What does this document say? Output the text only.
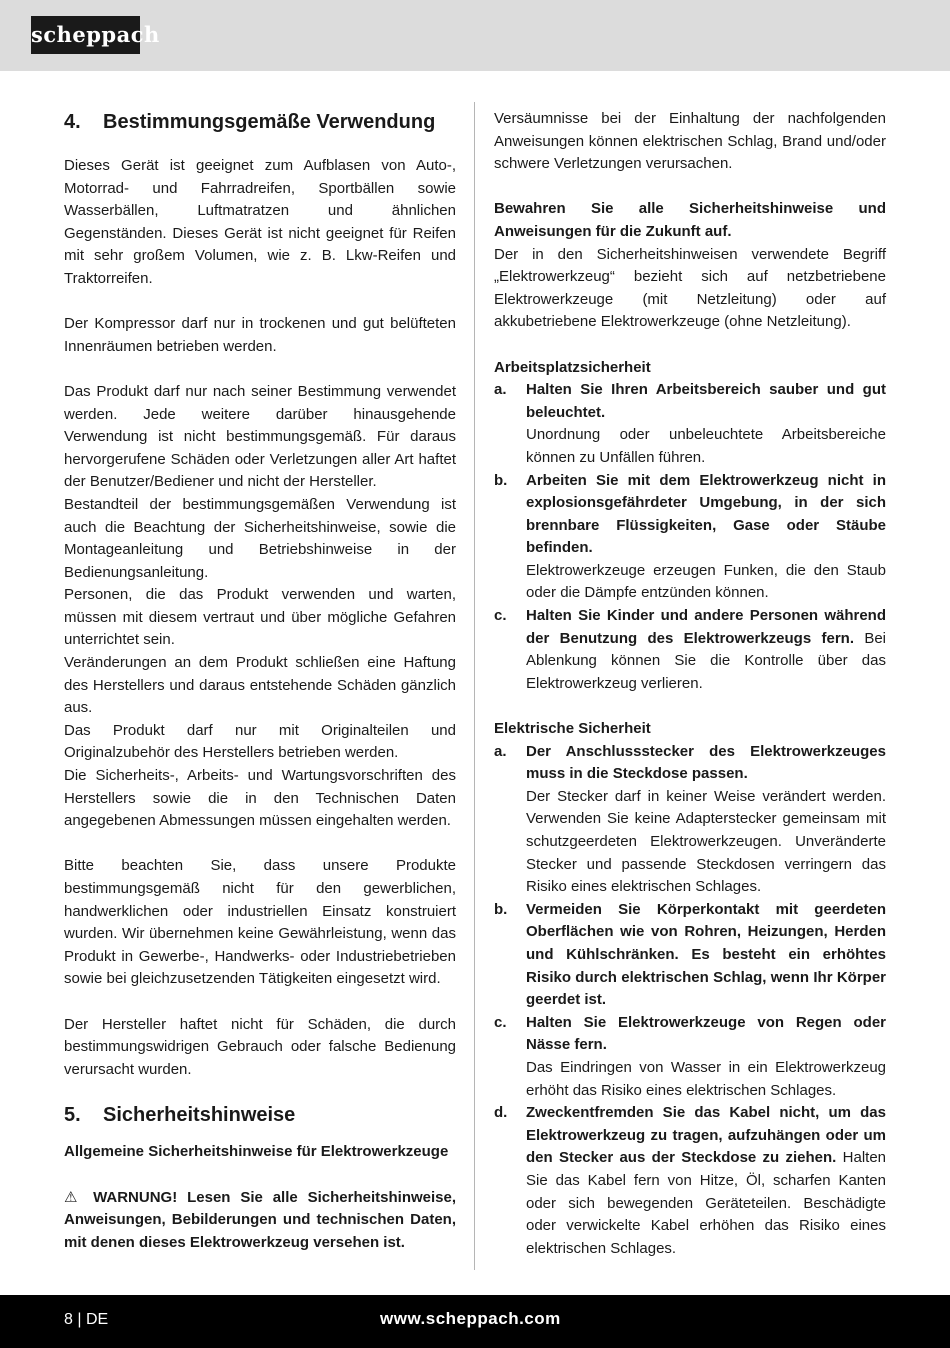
scheppach
4. Bestimmungsgemäße Verwendung

Dieses Gerät ist geeignet zum Aufblasen von Auto-, Motorrad- und Fahrradreifen, Sportbällen sowie Wasserbällen, Luftmatratzen und ähnlichen Gegenständen. Dieses Gerät ist nicht geeignet für Reifen mit sehr großem Volumen, wie z. B. Lkw-Reifen und Traktorreifen.

Der Kompressor darf nur in trockenen und gut belüfteten Innenräumen betrieben werden.

Das Produkt darf nur nach seiner Bestimmung verwendet werden. Jede weitere darüber hinausgehende Verwendung ist nicht bestimmungsgemäß. Für daraus hervorgerufene Schäden oder Verletzungen aller Art haftet der Benutzer/Bediener und nicht der Hersteller.

Bestandteil der bestimmungsgemäßen Verwendung ist auch die Beachtung der Sicherheitshinweise, sowie die Montageanleitung und Betriebshinweise in der Bedienungsanleitung.

Personen, die das Produkt verwenden und warten, müssen mit diesem vertraut und über mögliche Gefahren unterrichtet sein.

Veränderungen an dem Produkt schließen eine Haftung des Herstellers und daraus entstehende Schäden gänzlich aus.

Das Produkt darf nur mit Originalteilen und Originalzubehör des Herstellers betrieben werden.

Die Sicherheits-, Arbeits- und Wartungsvorschriften des Herstellers sowie die in den Technischen Daten angegebenen Abmessungen müssen eingehalten werden.

Bitte beachten Sie, dass unsere Produkte bestimmungsgemäß nicht für den gewerblichen, handwerklichen oder industriellen Einsatz konstruiert wurden. Wir übernehmen keine Gewährleistung, wenn das Produkt in Gewerbe-, Handwerks- oder Industriebetrieben sowie bei gleichzusetzenden Tätigkeiten eingesetzt wird.

Der Hersteller haftet nicht für Schäden, die durch bestimmungswidrigen Gebrauch oder falsche Bedienung verursacht wurden.

5. Sicherheitshinweise

Allgemeine Sicherheitshinweise für Elektrowerkzeuge

⚠ WARNUNG! Lesen Sie alle Sicherheitshinweise, Anweisungen, Bebilderungen und technischen Daten, mit denen dieses Elektrowerkzeug versehen ist.

Versäumnisse bei der Einhaltung der nachfolgenden Anweisungen können elektrischen Schlag, Brand und/oder schwere Verletzungen verursachen.

Bewahren Sie alle Sicherheitshinweise und Anweisungen für die Zukunft auf.

Der in den Sicherheitshinweisen verwendete Begriff „Elektrowerkzeug“ bezieht sich auf netzbetriebene Elektrowerkzeuge (mit Netzleitung) oder auf akkubetriebene Elektrowerkzeuge (ohne Netzleitung).

Arbeitsplatzsicherheit

a.	Halten Sie Ihren Arbeitsbereich sauber und gut beleuchtet.
Unordnung oder unbeleuchtete Arbeitsbereiche können zu Unfällen führen.
b.	Arbeiten Sie mit dem Elektrowerkzeug nicht in explosionsgefährdeter Umgebung, in der sich brennbare Flüssigkeiten, Gase oder Stäube befinden.
Elektrowerkzeuge erzeugen Funken, die den Staub oder die Dämpfe entzünden können.
c.	Halten Sie Kinder und andere Personen während der Benutzung des Elektrowerkzeugs fern. Bei Ablenkung können Sie die Kontrolle über das Elektrowerkzeug verlieren.

Elektrische Sicherheit

a.	Der Anschlussstecker des Elektrowerkzeuges muss in die Steckdose passen.
Der Stecker darf in keiner Weise verändert werden. Verwenden Sie keine Adapterstecker gemeinsam mit schutzgeerdeten Elektrowerkzeugen. Unveränderte Stecker und passende Steckdosen verringern das Risiko eines elektrischen Schlages.
b.	Vermeiden Sie Körperkontakt mit geerdeten Oberflächen wie von Rohren, Heizungen, Herden und Kühlschränken. Es besteht ein erhöhtes Risiko durch elektrischen Schlag, wenn Ihr Körper geerdet ist.
c.	Halten Sie Elektrowerkzeuge von Regen oder Nässe fern.
Das Eindringen von Wasser in ein Elektrowerkzeug erhöht das Risiko eines elektrischen Schlages.
d.	Zweckentfremden Sie das Kabel nicht, um das Elektrowerkzeug zu tragen, aufzuhängen oder um den Stecker aus der Steckdose zu ziehen. Halten Sie das Kabel fern von Hitze, Öl, scharfen Kanten oder sich bewegenden Geräteteilen. Beschädigte oder verwickelte Kabel erhöhen das Risiko eines elektrischen Schlages.
8 | DE	www.scheppach.com
